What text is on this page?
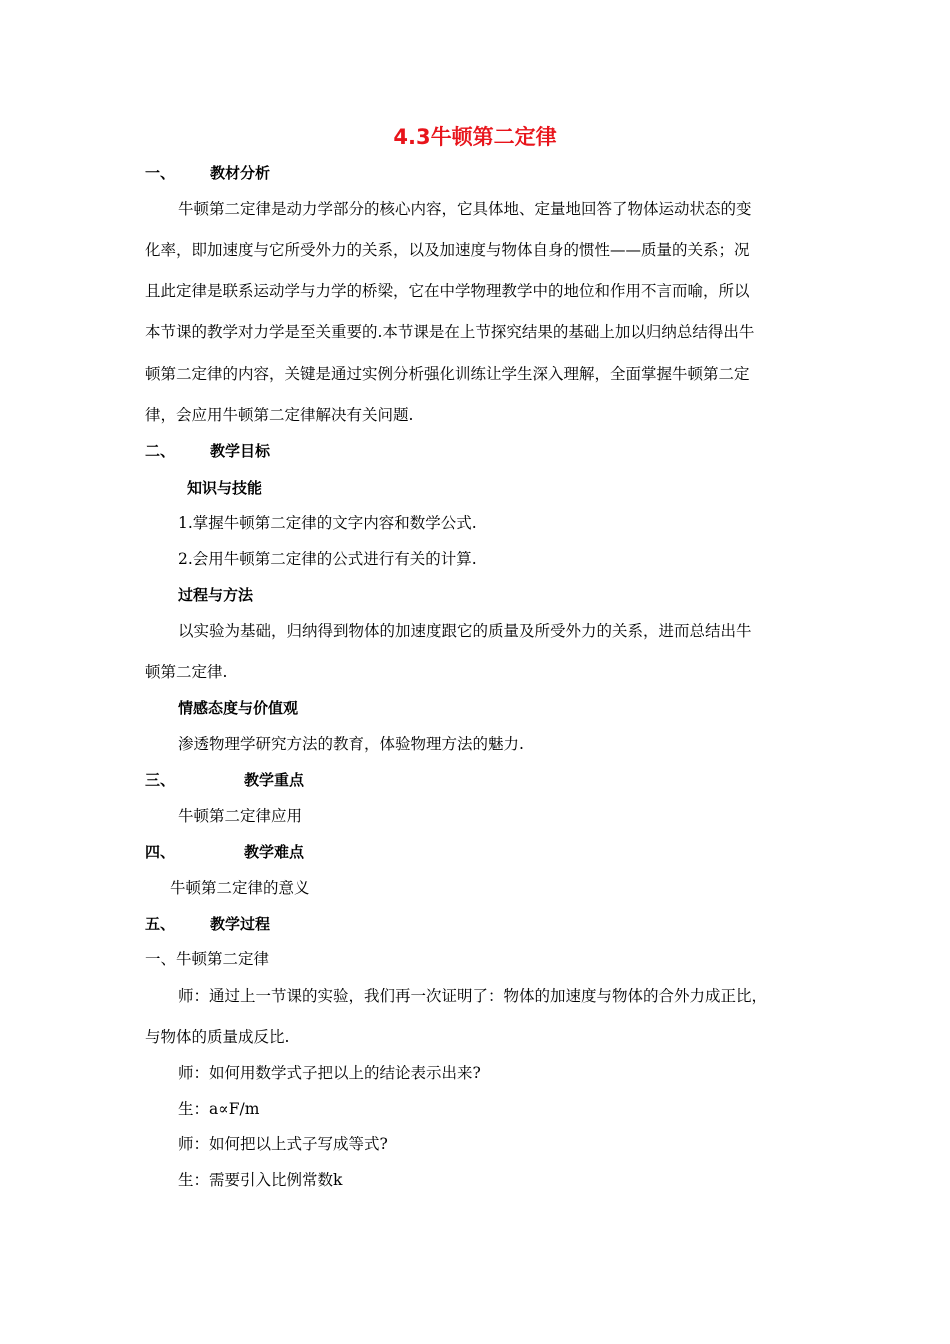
4.3牛顿第二定律
一、 教材分析
牛顿第二定律是动力学部分的核心内容，它具体地、定量地回答了物体运动状态的变
化率，即加速度与它所受外力的关系，以及加速度与物体自身的惯性——质量的关系；况
且此定律是联系运动学与力学的桥梁，它在中学物理教学中的地位和作用不言而喻，所以
本节课的教学对力学是至关重要的.本节课是在上节探究结果的基础上加以归纳总结得出牛
顿第二定律的内容，关键是通过实例分析强化训练让学生深入理解，全面掌握牛顿第二定
律，会应用牛顿第二定律解决有关问题.
二、 教学目标
知识与技能
1.掌握牛顿第二定律的文字内容和数学公式.
2.会用牛顿第二定律的公式进行有关的计算.
过程与方法
以实验为基础，归纳得到物体的加速度跟它的质量及所受外力的关系，进而总结出牛
顿第二定律.
情感态度与价值观
渗透物理学研究方法的教育，体验物理方法的魅力.
三、	教学重点
牛顿第二定律应用
四、	教学难点
牛顿第二定律的意义
五、 教学过程
一、牛顿第二定律
师：通过上一节课的实验，我们再一次证明了：物体的加速度与物体的合外力成正比，
与物体的质量成反比.
师：如何用数学式子把以上的结论表示出来?
生：a∝F/m
师：如何把以上式子写成等式?
生：需要引入比例常数k
